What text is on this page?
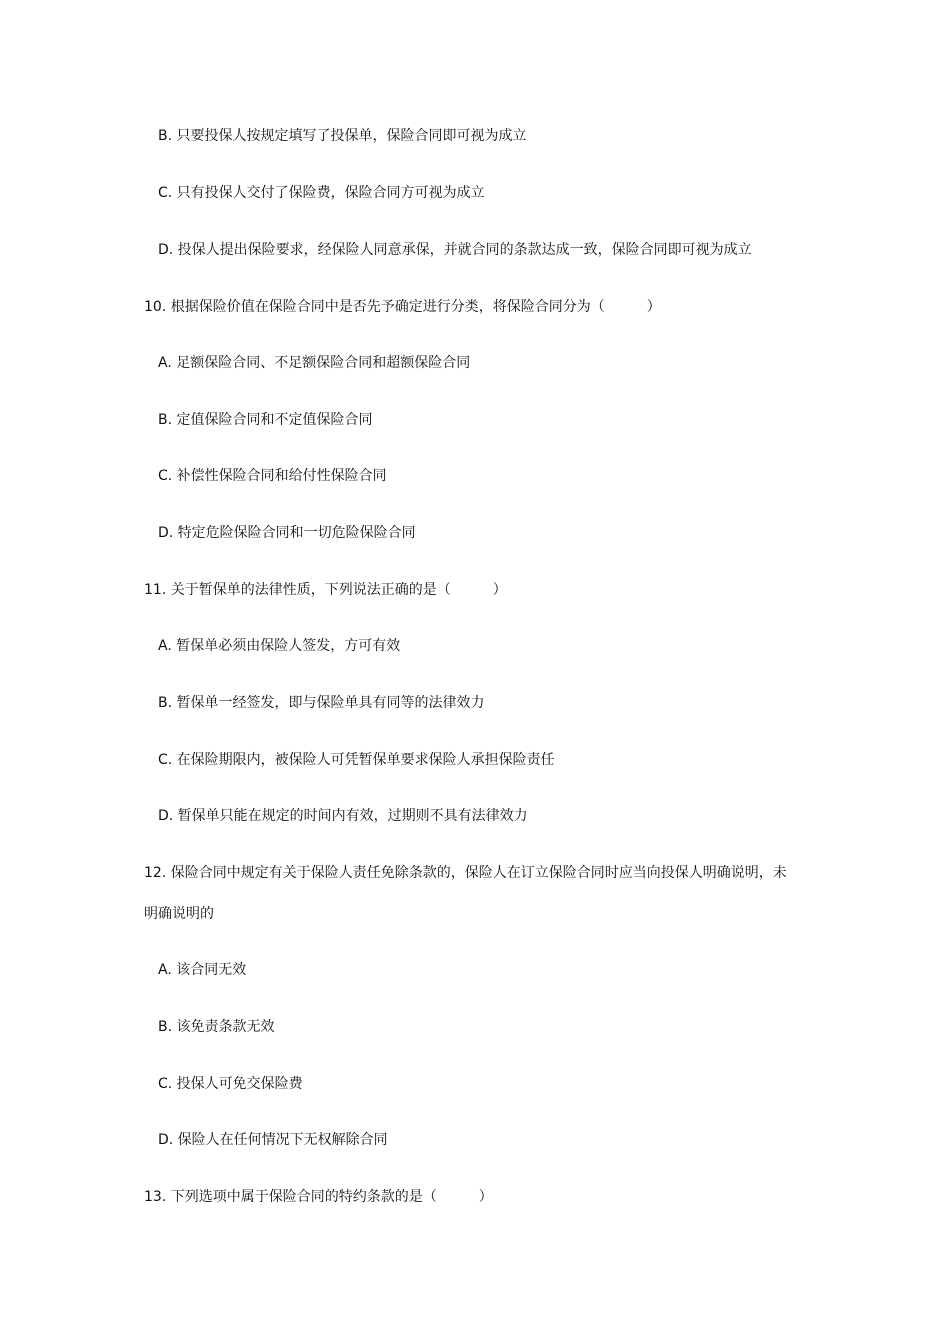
B. 只要投保人按规定填写了投保单，保险合同即可视为成立
C. 只有投保人交付了保险费，保险合同方可视为成立
D. 投保人提出保险要求，经保险人同意承保，并就合同的条款达成一致，保险合同即可视为成立
10. 根据保险价值在保险合同中是否先予确定进行分类，将保险合同分为（　　　）
A. 足额保险合同、不足额保险合同和超额保险合同
B. 定值保险合同和不定值保险合同
C. 补偿性保险合同和给付性保险合同
D. 特定危险保险合同和一切危险保险合同
11. 关于暂保单的法律性质，下列说法正确的是（　　　）
A. 暂保单必须由保险人签发，方可有效
B. 暂保单一经签发，即与保险单具有同等的法律效力
C. 在保险期限内，被保险人可凭暂保单要求保险人承担保险责任
D. 暂保单只能在规定的时间内有效，过期则不具有法律效力
12. 保险合同中规定有关于保险人责任免除条款的，保险人在订立保险合同时应当向投保人明确说明，未
明确说明的
A. 该合同无效
B. 该免责条款无效
C. 投保人可免交保险费
D. 保险人在任何情况下无权解除合同
13. 下列选项中属于保险合同的特约条款的是（　　　）
